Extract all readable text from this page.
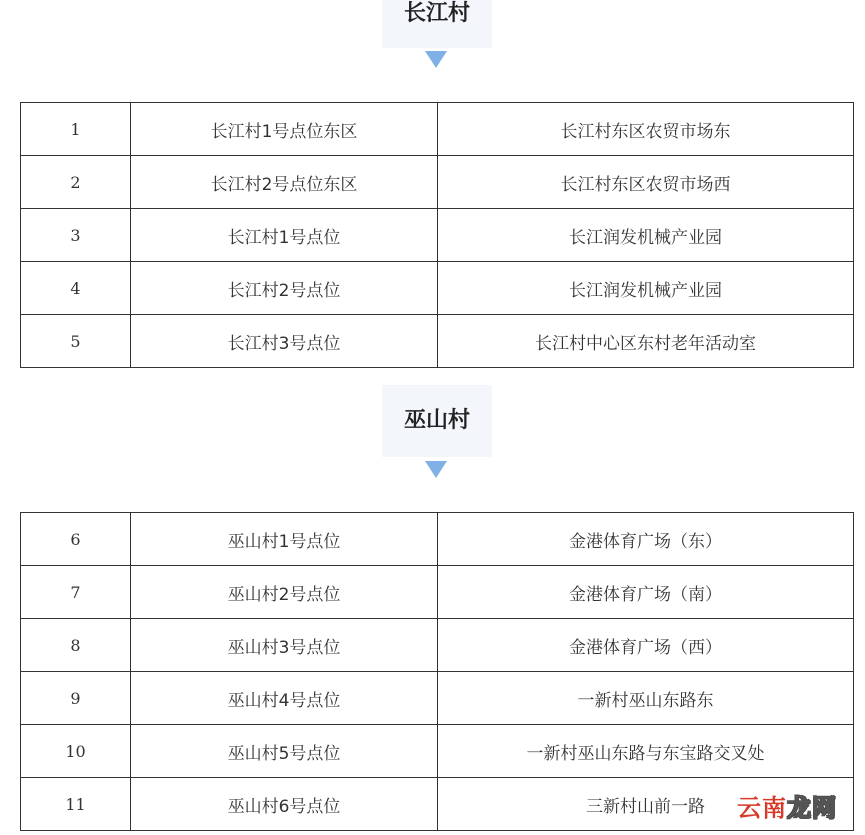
长江村
1	长江村1号点位东区	长江村东区农贸市场东
2	长江村2号点位东区	长江村东区农贸市场西
3	长江村1号点位	长江润发机械产业园
4	长江村2号点位	长江润发机械产业园
5	长江村3号点位	长江村中心区东村老年活动室
巫山村
6	巫山村1号点位	金港体育广场（东）
7	巫山村2号点位	金港体育广场（南）
8	巫山村3号点位	金港体育广场（西）
9	巫山村4号点位	一新村巫山东路东
10	巫山村5号点位	一新村巫山东路与东宝路交叉处
11	巫山村6号点位	三新村山前一路 云南龙网
